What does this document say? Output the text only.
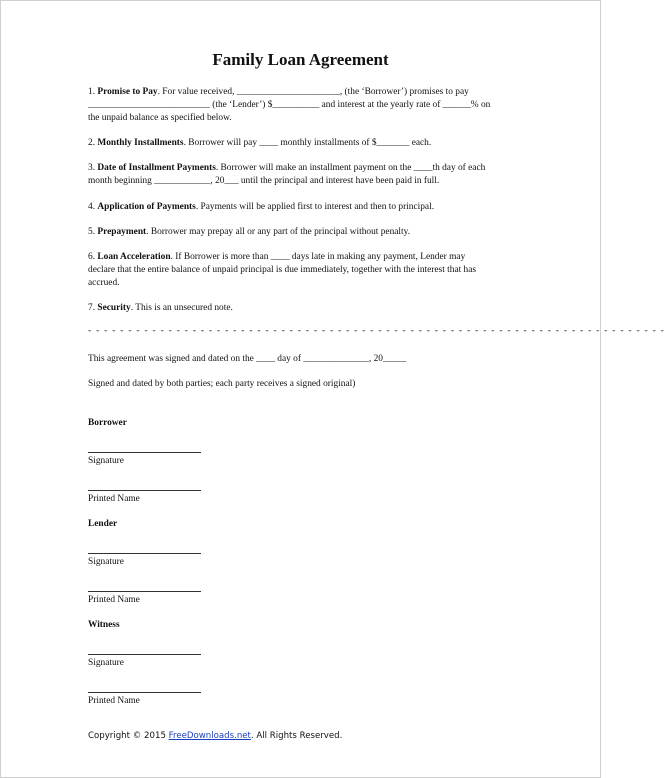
Family Loan Agreement
1. Promise to Pay. For value received, ______________________, (the ‘Borrower’) promises to pay
__________________________ (the ‘Lender’) $__________ and interest at the yearly rate of ______% on
the unpaid balance as specified below.
2. Monthly Installments. Borrower will pay ____ monthly installments of $_______ each.
3. Date of Installment Payments. Borrower will make an installment payment on the ____th day of each
month beginning ____________, 20___ until the principal and interest have been paid in full.
4. Application of Payments. Payments will be applied first to interest and then to principal.
5. Prepayment. Borrower may prepay all or any part of the principal without penalty.
6. Loan Acceleration. If Borrower is more than ____ days late in making any payment, Lender may
declare that the entire balance of unpaid principal is due immediately, together with the interest that has
accrued.
7. Security. This is an unsecured note.
- - - - - - - - - - - - - - - - - - - - - - - - - - - - - - - - - - - - - - - - - - - - - - - - - - - - - - - - - - - - - - - - - - - - - - - -
This agreement was signed and dated on the ____ day of ______________, 20_____
Signed and dated by both parties; each party receives a signed original)
Borrower
Signature
Printed Name
Lender
Signature
Printed Name
Witness
Signature
Printed Name
Copyright © 2015 FreeDownloads.net. All Rights Reserved.
